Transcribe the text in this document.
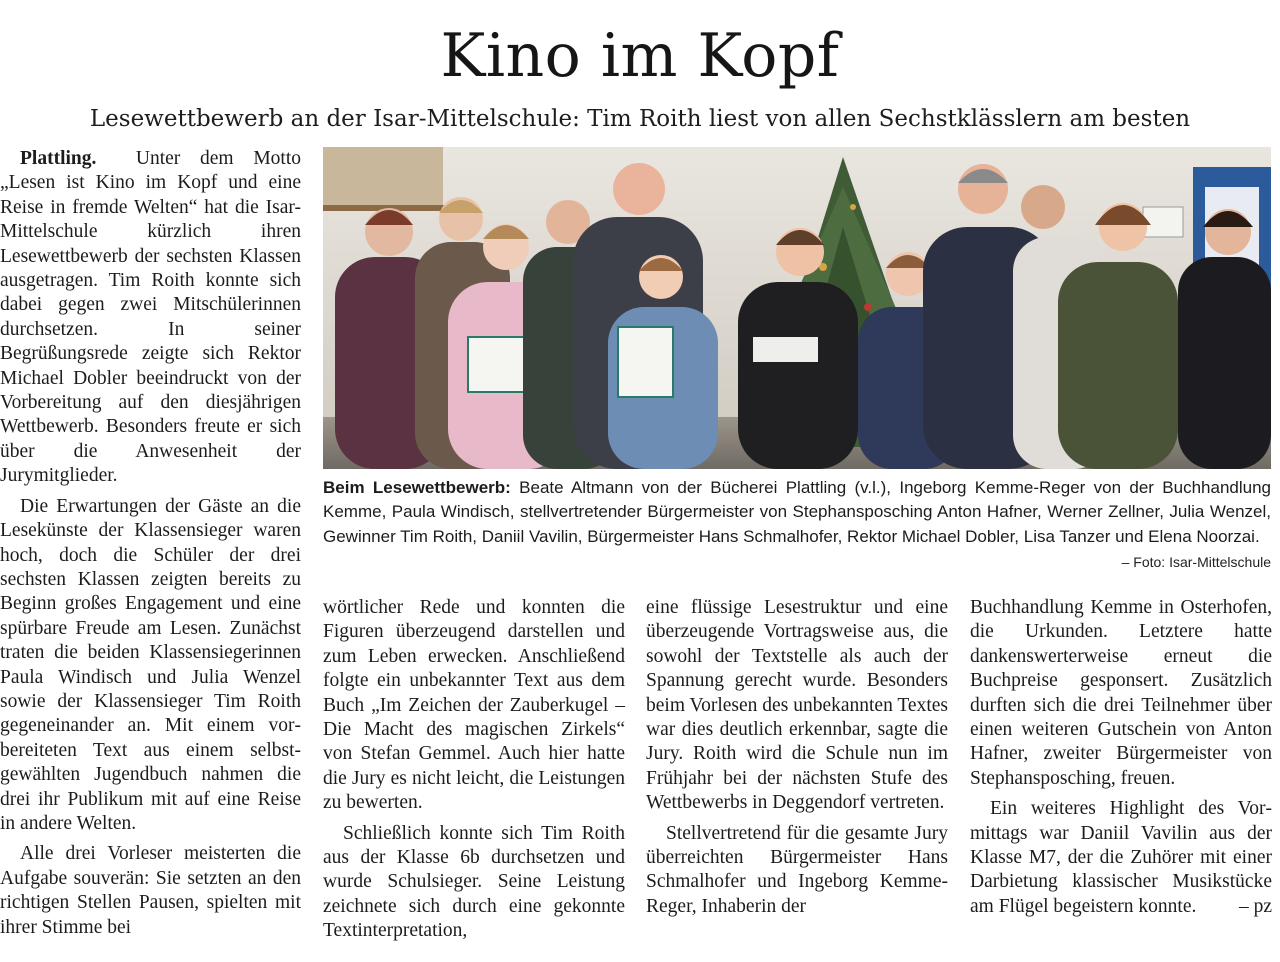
Kino im Kopf
Lesewettbewerb an der Isar-Mittelschule: Tim Roith liest von allen Sechstklässlern am besten

Plattling. Unter dem Motto „Lesen ist Kino im Kopf und eine Reise in fremde Welten“ hat die Isar-Mittelschule kürzlich ihren Lesewettbewerb der sechsten Klassen ausgetragen. Tim Roith konnte sich dabei gegen zwei Mitschülerinnen durchsetzen. In seiner Begrüßungsrede zeigte sich Rektor Michael Dobler beeindruckt von der Vorbereitung auf den diesjährigen Wettbewerb. Besonders freute er sich über die Anwesenheit der Jurymitglieder.

Die Erwartungen der Gäste an die Lesekünste der Klassensieger waren hoch, doch die Schüler der drei sechsten Klassen zeigten bereits zu Beginn großes Engagement und eine spürbare Freude am Lesen. Zunächst traten die beiden Klassensiegerinnen Paula Windisch und Julia Wenzel sowie der Klassensieger Tim Roith gegeneinander an. Mit einem vorbereiteten Text aus einem selbstgewählten Jugendbuch nahmen die drei ihr Publikum mit auf eine Reise in andere Welten.

Alle drei Vorleser meisterten die Aufgabe souverän: Sie setzten an den richtigen Stellen Pausen, spielten mit ihrer Stimme bei

Beim Lesewettbewerb: Beate Altmann von der Bücherei Plattling (v.l.), Ingeborg Kemme-Reger von der Buchhandlung Kemme, Paula Windisch, stellvertretender Bürgermeister von Stephansposching Anton Hafner, Werner Zellner, Julia Wenzel, Gewinner Tim Roith, Daniil Vavilin, Bürgermeister Hans Schmalhofer, Rektor Michael Dobler, Lisa Tanzer und Elena Noorzai.
– Foto: Isar-Mittelschule

wörtlicher Rede und konnten die Figuren überzeugend darstellen und zum Leben erwecken. Anschließend folgte ein unbekannter Text aus dem Buch „Im Zeichen der Zauberkugel – Die Macht des magischen Zirkels“ von Stefan Gemmel. Auch hier hatte die Jury es nicht leicht, die Leistungen zu bewerten.

Schließlich konnte sich Tim Roith aus der Klasse 6b durchsetzen und wurde Schulsieger. Seine Leistung zeichnete sich durch eine gekonnte Textinterpretation,

eine flüssige Lesestruktur und eine überzeugende Vortragsweise aus, die sowohl der Textstelle als auch der Spannung gerecht wurde. Besonders beim Vorlesen des unbekannten Textes war dies deutlich erkennbar, sagte die Jury. Roith wird die Schule nun im Frühjahr bei der nächsten Stufe des Wettbewerbs in Deggendorf vertreten.

Stellvertretend für die gesamte Jury überreichten Bürgermeister Hans Schmalhofer und Ingeborg Kemme-Reger, Inhaberin der

Buchhandlung Kemme in Osterhofen, die Urkunden. Letztere hatte dankenswerterweise erneut die Buchpreise gesponsert. Zusätzlich durften sich die drei Teilnehmer über einen weiteren Gutschein von Anton Hafner, zweiter Bürgermeister von Stephansposching, freuen.

Ein weiteres Highlight des Vormittags war Daniil Vavilin aus der Klasse M7, der die Zuhörer mit einer Darbietung klassischer Musikstücke am Flügel begeistern konnte.	– pz
